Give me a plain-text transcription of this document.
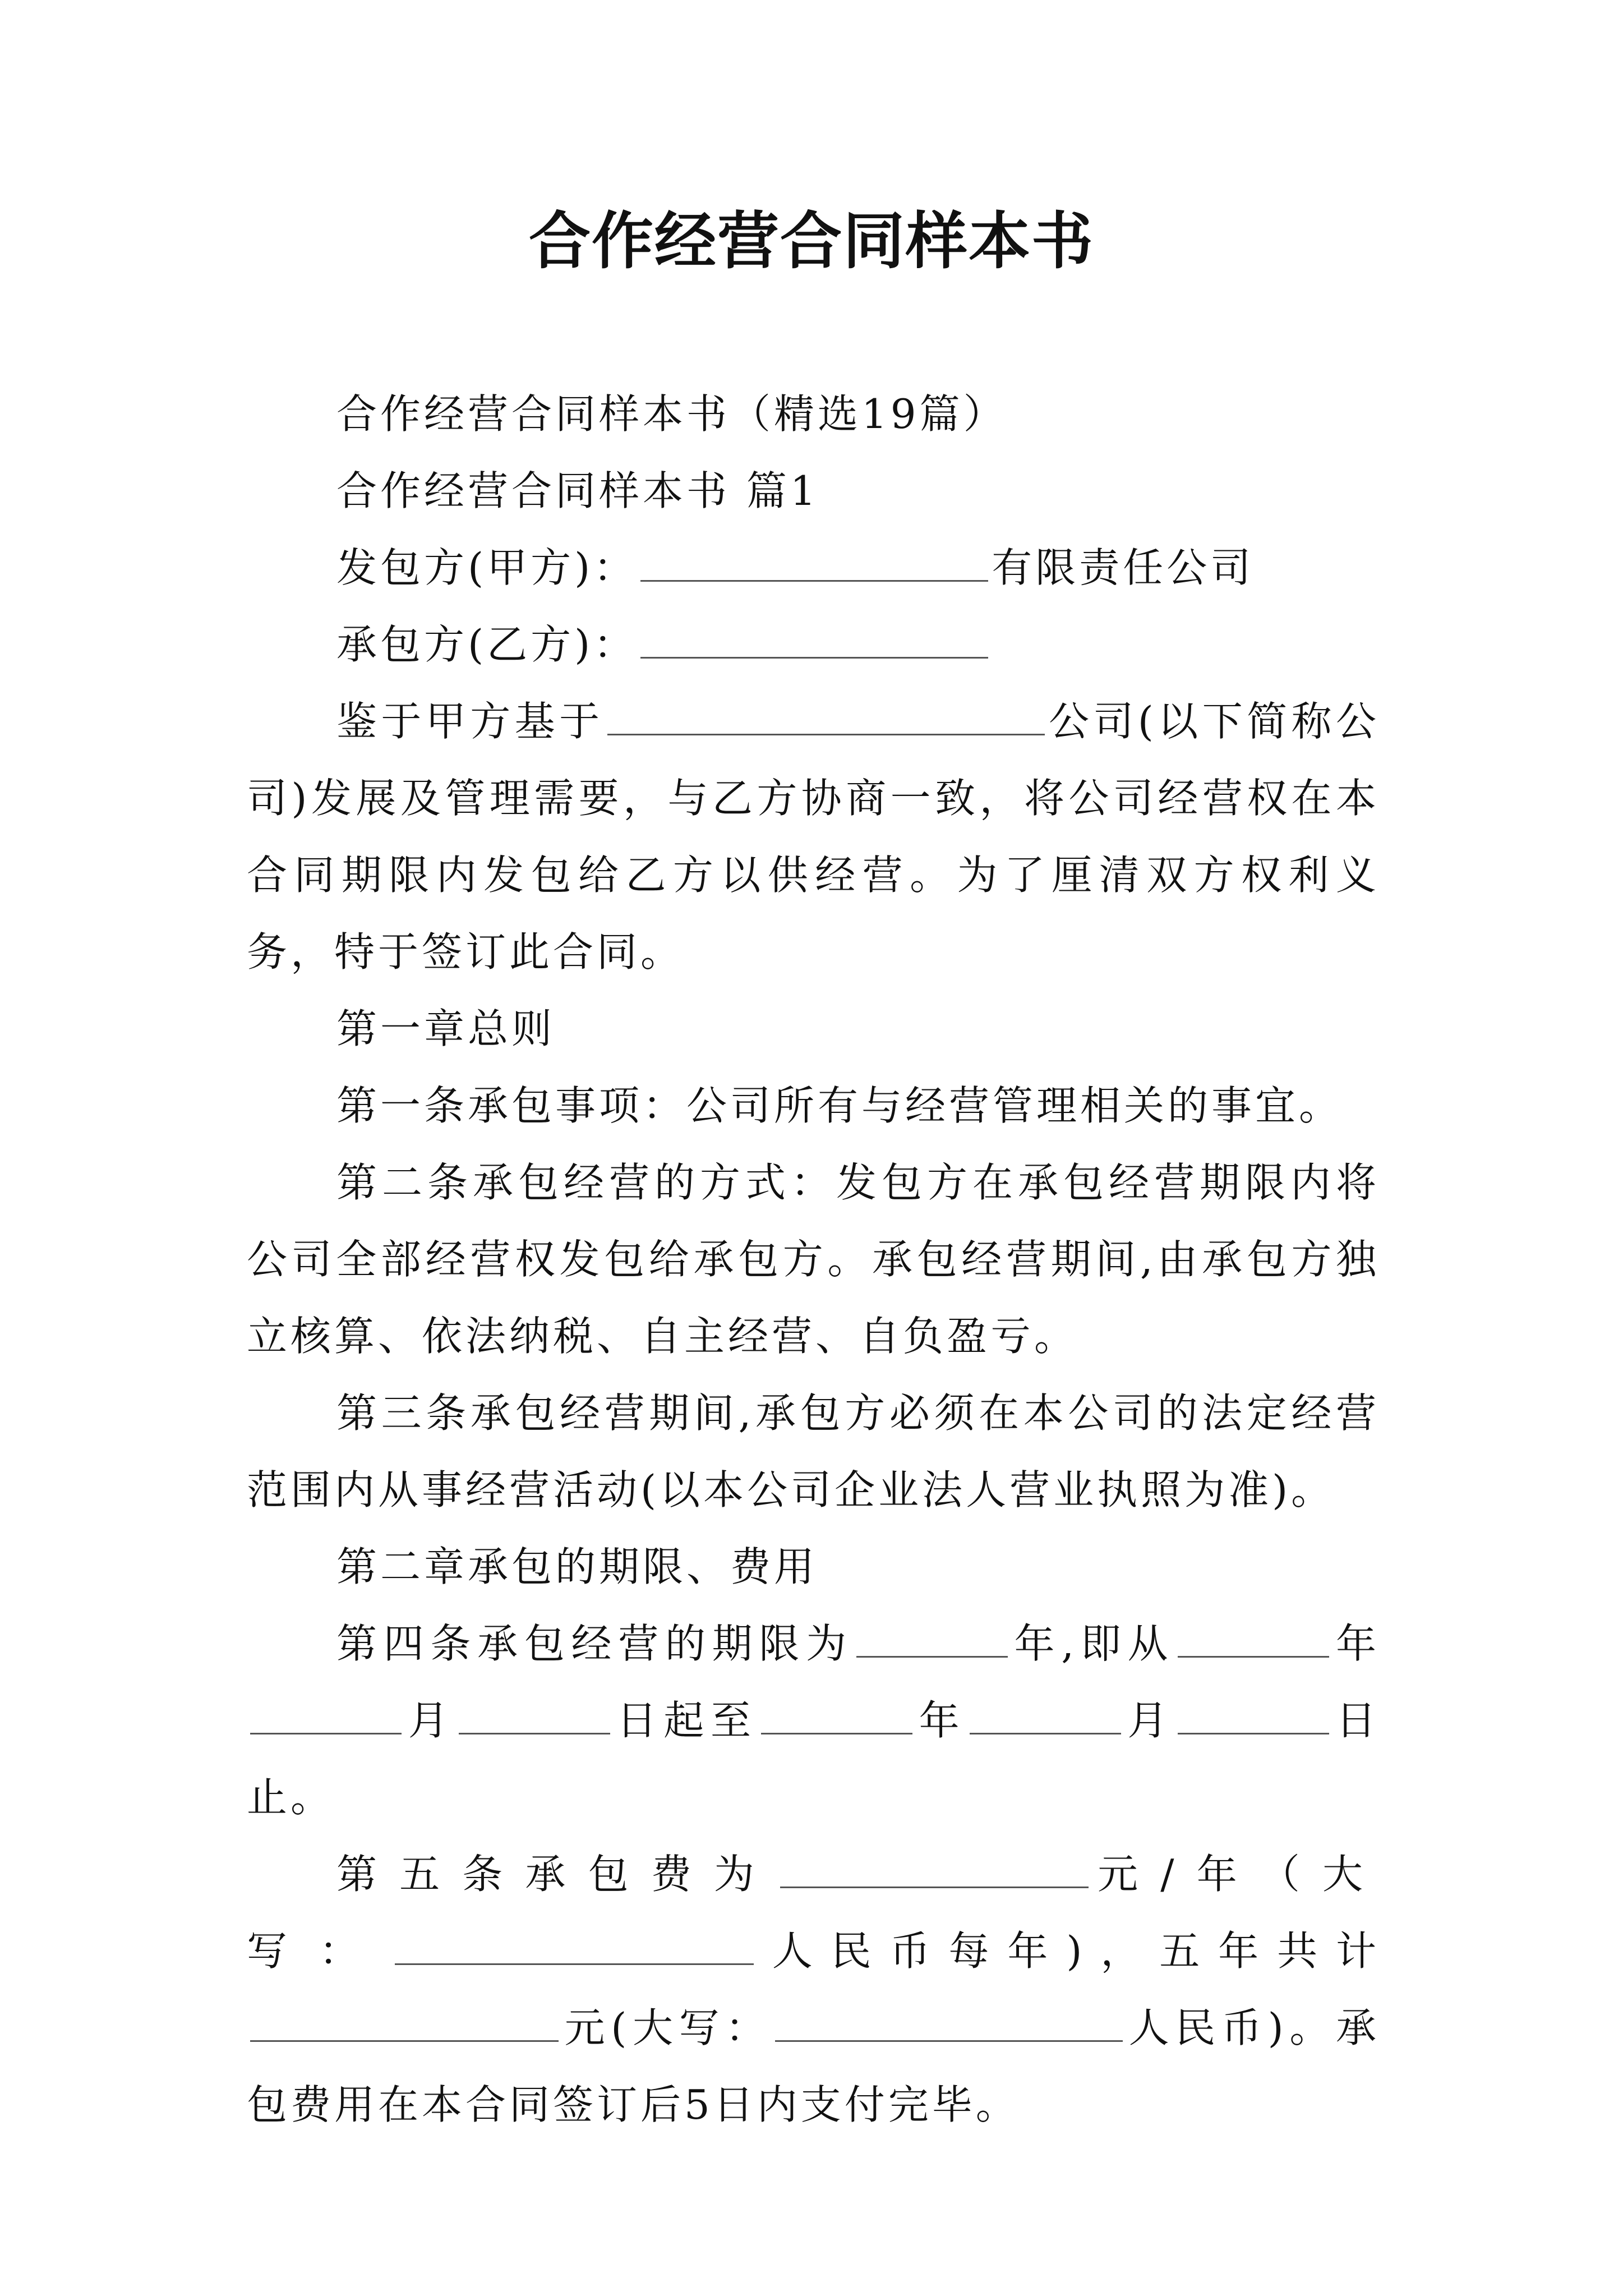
合作经营合同样本书

合作经营合同样本书（精选19篇）

合作经营合同样本书 篇1

发包方(甲方)：	有限责任公司

承包方(乙方)：

鉴于甲方基于	公司(以下简称公司)发展及管理需要，与乙方协商一致，将公司经营权在本合同期限内发包给乙方以供经营。为了厘清双方权利义务，特于签订此合同。

第一章总则

第一条承包事项：公司所有与经营管理相关的事宜。

第二条承包经营的方式：发包方在承包经营期限内将公司全部经营权发包给承包方。承包经营期间,由承包方独立核算、依法纳税、自主经营、自负盈亏。

第三条承包经营期间,承包方必须在本公司的法定经营范围内从事经营活动(以本公司企业法人营业执照为准)。

第二章承包的期限、费用

第四条承包经营的期限为	年,即从	年月	日起至	年	月	日止。

第五条承包费为	元/年（大写：	人民币每年)，五年共计元(大写：	人民币)。承包费用在本合同签订后5日内支付完毕。
